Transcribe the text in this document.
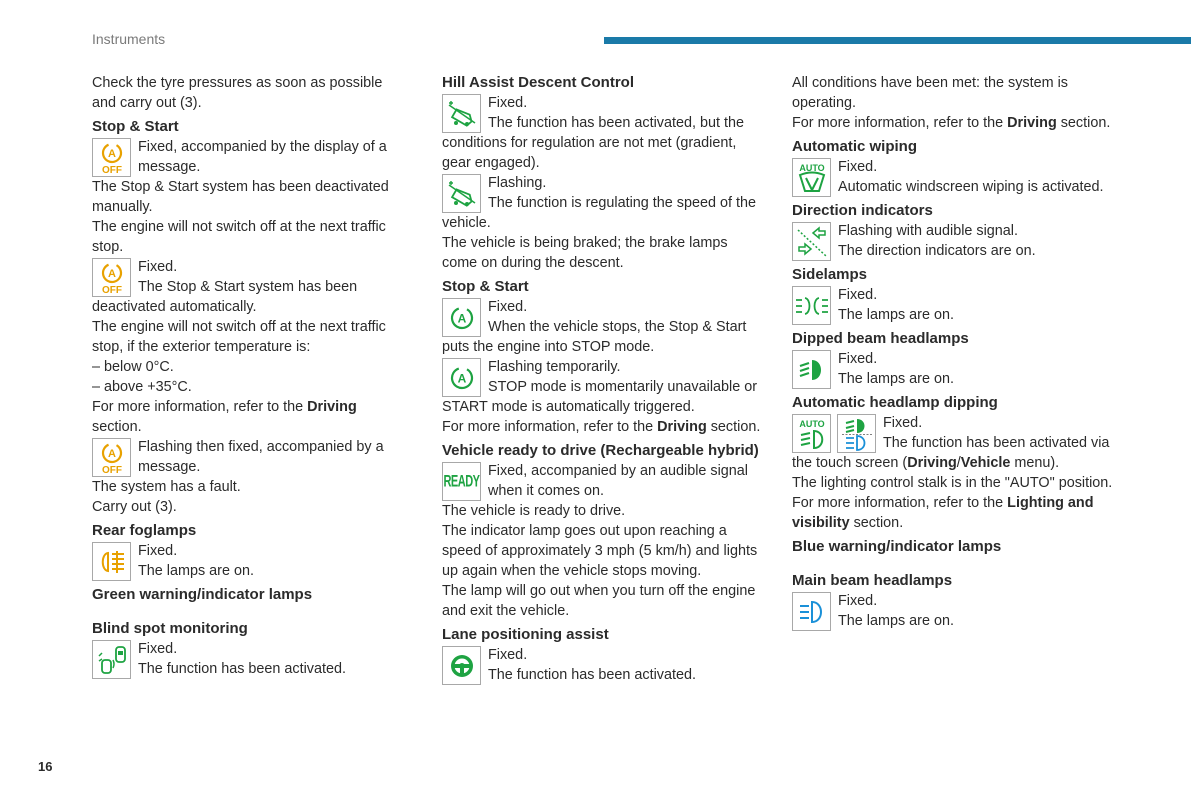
Instruments

Check the tyre pressures as soon as possible and carry out (3).

Stop & Start
A
OFF

Fixed, accompanied by the display of a message.

The Stop & Start system has been deactivated manually.

The engine will not switch off at the next traffic stop.

A
OFF

Fixed.

The Stop & Start system has been deactivated automatically.

The engine will not switch off at the next traffic stop, if the exterior temperature is:

– below 0°C.

– above +35°C.

For more information, refer to the Driving section.

A
OFF

Flashing then fixed, accompanied by a message.

The system has a fault.

Carry out (3).

Rear foglamps

Fixed.

The lamps are on.

Green warning/indicator lamps
Blind spot monitoring

Fixed.

The function has been activated.

Hill Assist Descent Control

Fixed.

The function has been activated, but the conditions for regulation are not met (gradient, gear engaged).

Flashing.

The function is regulating the speed of the vehicle.

The vehicle is being braked; the brake lamps come on during the descent.

Stop & Start
A

Fixed.

When the vehicle stops, the Stop & Start puts the engine into STOP mode.

A

Flashing temporarily.

STOP mode is momentarily unavailable or START mode is automatically triggered.

For more information, refer to the Driving section.

Vehicle ready to drive (Rechargeable hybrid)
READY

Fixed, accompanied by an audible signal when it comes on.

The vehicle is ready to drive.

The indicator lamp goes out upon reaching a speed of approximately 3 mph (5 km/h) and lights up again when the vehicle stops moving.

The lamp will go out when you turn off the engine and exit the vehicle.

Lane positioning assist

Fixed.

The function has been activated.

All conditions have been met: the system is operating.

For more information, refer to the Driving section.

Automatic wiping
AUTO Fixed.

Automatic windscreen wiping is activated.

Direction indicators

Flashing with audible signal.

The direction indicators are on.

Sidelamps

Fixed.

The lamps are on.

Dipped beam headlamps

Fixed.

The lamps are on.

Automatic headlamp dipping
AUTO	Fixed.

The function has been activated via the touch screen (Driving/Vehicle menu).

The lighting control stalk is in the "AUTO" position.

For more information, refer to the Lighting and visibility section.

Blue warning/indicator lamps
Main beam headlamps

Fixed.

The lamps are on.

16
